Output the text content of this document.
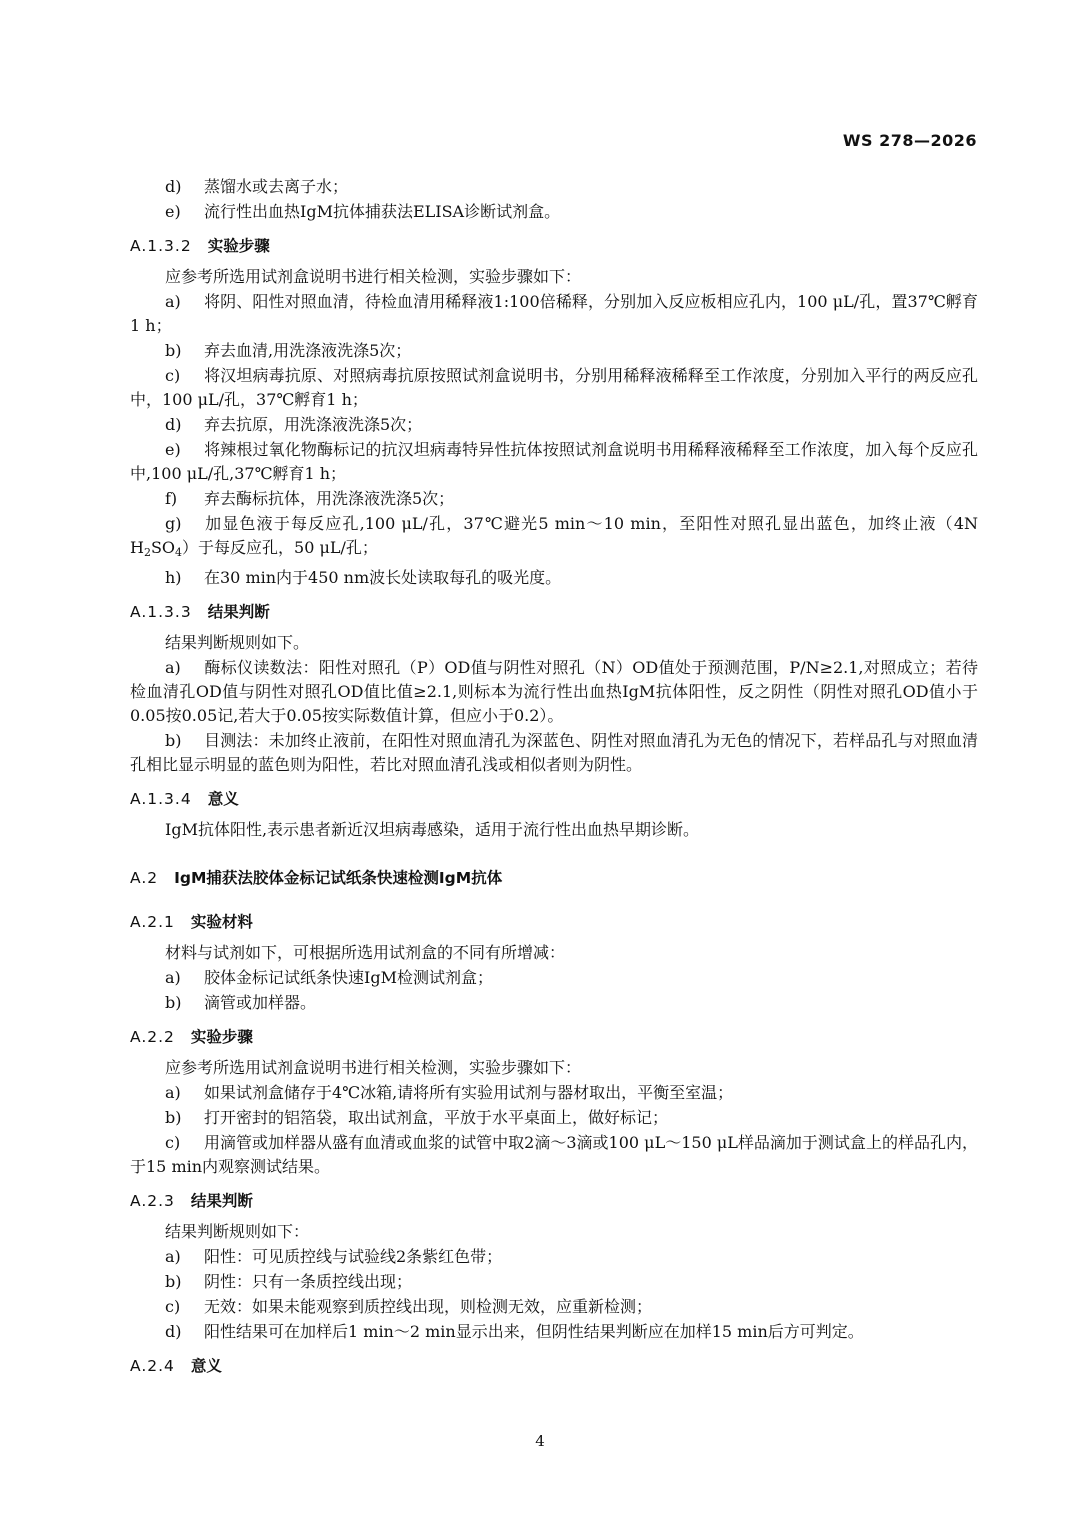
WS 278—2026
d) 蒸馏水或去离子水；
e) 流行性出血热IgM抗体捕获法ELISA诊断试剂盒。
A.1.3.2 实验步骤
应参考所选用试剂盒说明书进行相关检测，实验步骤如下：
a) 将阴、阳性对照血清，待检血清用稀释液1:100倍稀释，分别加入反应板相应孔内，100 μL/孔，置37℃孵育1 h；
b) 弃去血清,用洗涤液洗涤5次；
c) 将汉坦病毒抗原、对照病毒抗原按照试剂盒说明书，分别用稀释液稀释至工作浓度，分别加入平行的两反应孔中，100 μL/孔，37℃孵育1 h；
d) 弃去抗原，用洗涤液洗涤5次；
e) 将辣根过氧化物酶标记的抗汉坦病毒特异性抗体按照试剂盒说明书用稀释液稀释至工作浓度，加入每个反应孔中,100 μL/孔,37℃孵育1 h；
f) 弃去酶标抗体，用洗涤液洗涤5次；
g) 加显色液于每反应孔,100 μL/孔，37℃避光5 min～10 min，至阳性对照孔显出蓝色，加终止液（4N $H_2SO_4$）于每反应孔，50 μL/孔；
h) 在30 min内于450 nm波长处读取每孔的吸光度。
A.1.3.3 结果判断
结果判断规则如下。
a) 酶标仪读数法：阳性对照孔（P）OD值与阴性对照孔（N）OD值处于预测范围，P/N≥2.1,对照成立；若待检血清孔OD值与阴性对照孔OD值比值≥2.1,则标本为流行性出血热IgM抗体阳性，反之阴性（阴性对照孔OD值小于0.05按0.05记,若大于0.05按实际数值计算，但应小于0.2）。
b) 目测法：未加终止液前，在阳性对照血清孔为深蓝色、阴性对照血清孔为无色的情况下，若样品孔与对照血清孔相比显示明显的蓝色则为阳性，若比对照血清孔浅或相似者则为阴性。
A.1.3.4 意义
IgM抗体阳性,表示患者新近汉坦病毒感染，适用于流行性出血热早期诊断。
A.2 IgM捕获法胶体金标记试纸条快速检测IgM抗体
A.2.1 实验材料
材料与试剂如下，可根据所选用试剂盒的不同有所增减：
a) 胶体金标记试纸条快速IgM检测试剂盒；
b) 滴管或加样器。
A.2.2 实验步骤
应参考所选用试剂盒说明书进行相关检测，实验步骤如下：
a) 如果试剂盒储存于4℃冰箱,请将所有实验用试剂与器材取出，平衡至室温；
b) 打开密封的铝箔袋，取出试剂盒，平放于水平桌面上，做好标记；
c) 用滴管或加样器从盛有血清或血浆的试管中取2滴～3滴或100 μL～150 μL样品滴加于测试盒上的样品孔内，于15 min内观察测试结果。
A.2.3 结果判断
结果判断规则如下：
a) 阳性：可见质控线与试验线2条紫红色带；
b) 阴性：只有一条质控线出现；
c) 无效：如果未能观察到质控线出现，则检测无效，应重新检测；
d) 阳性结果可在加样后1 min～2 min显示出来，但阴性结果判断应在加样15 min后方可判定。
A.2.4 意义
4
